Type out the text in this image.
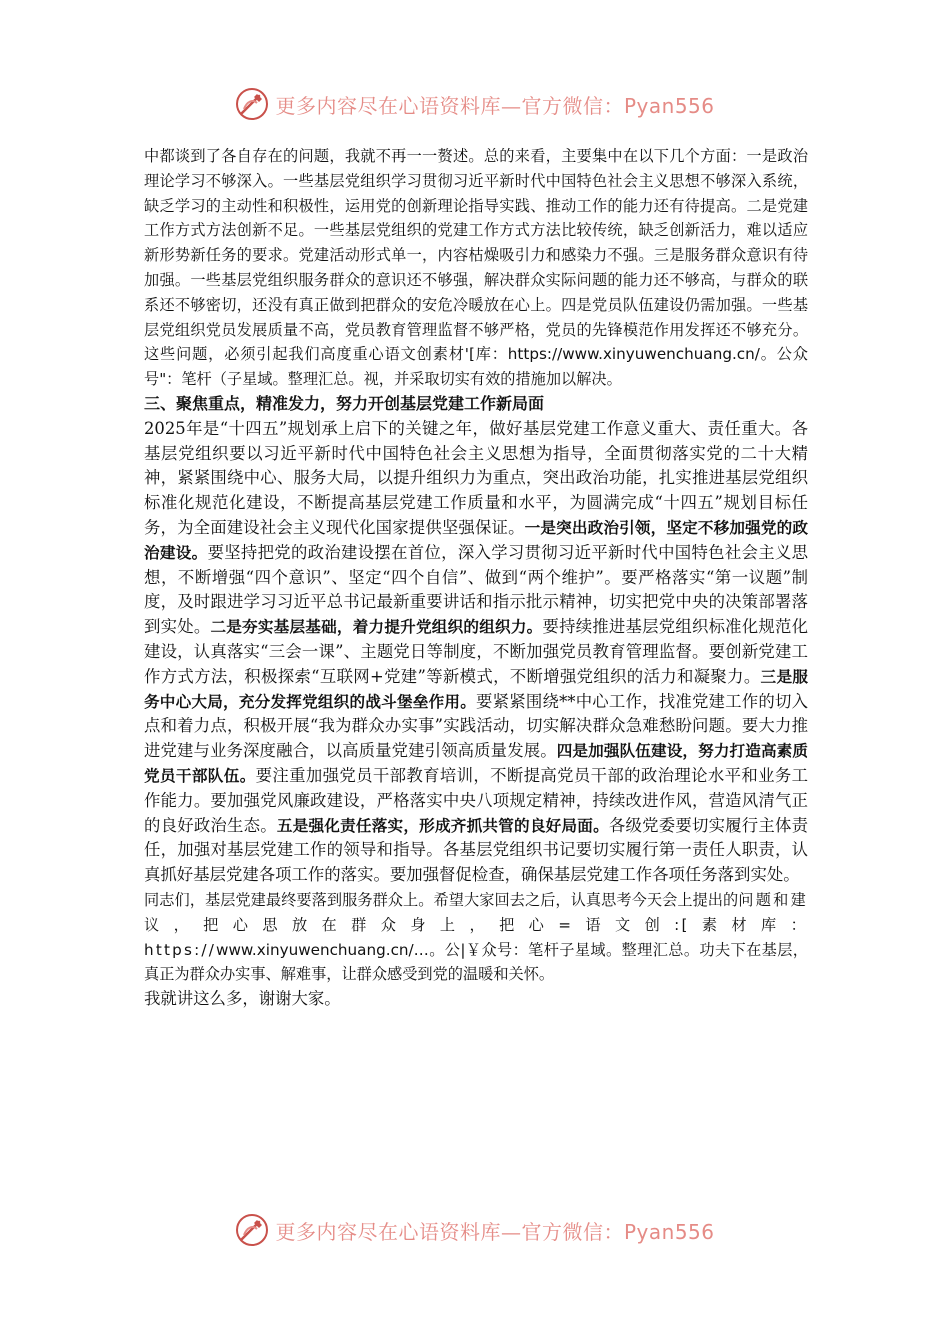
更多内容尽在心语资料库—官方微信：Pyan556

中都谈到了各自存在的问题，我就不再一一赘述。总的来看，主要集中在以下几个方面：一是政治理论学习不够深入。一些基层党组织学习贯彻习近平新时代中国特色社会主义思想不够深入系统，缺乏学习的主动性和积极性，运用党的创新理论指导实践、推动工作的能力还有待提高。二是党建工作方式方法创新不足。一些基层党组织的党建工作方式方法比较传统，缺乏创新活力，难以适应新形势新任务的要求。党建活动形式单一，内容枯燥吸引力和感染力不强。三是服务群众意识有待加强。一些基层党组织服务群众的意识还不够强，解决群众实际问题的能力还不够高，与群众的联系还不够密切，还没有真正做到把群众的安危冷暖放在心上。四是党员队伍建设仍需加强。一些基层党组织党员发展质量不高，党员教育管理监督不够严格，党员的先锋模范作用发挥还不够充分。这些问题，必须引起我们高度重心语文创素材'[库：https://www.xinyuwenchuang.cn/。公众号"：笔杆（子星域。整理汇总。视，并采取切实有效的措施加以解决。

三、聚焦重点，精准发力，努力开创基层党建工作新局面

2025年是“十四五”规划承上启下的关键之年，做好基层党建工作意义重大、责任重大。各基层党组织要以习近平新时代中国特色社会主义思想为指导，全面贯彻落实党的二十大精神，紧紧围绕中心、服务大局，以提升组织力为重点，突出政治功能，扎实推进基层党组织标准化规范化建设，不断提高基层党建工作质量和水平，为圆满完成“十四五”规划目标任务，为全面建设社会主义现代化国家提供坚强保证。一是突出政治引领，坚定不移加强党的政治建设。要坚持把党的政治建设摆在首位，深入学习贯彻习近平新时代中国特色社会主义思想，不断增强“四个意识”、坚定“四个自信”、做到“两个维护”。要严格落实“第一议题”制度，及时跟进学习习近平总书记最新重要讲话和指示批示精神，切实把党中央的决策部署落到实处。二是夯实基层基础，着力提升党组织的组织力。要持续推进基层党组织标准化规范化建设，认真落实“三会一课”、主题党日等制度，不断加强党员教育管理监督。要创新党建工作方式方法，积极探索“互联网+党建”等新模式，不断增强党组织的活力和凝聚力。三是服务中心大局，充分发挥党组织的战斗堡垒作用。要紧紧围绕**中心工作，找准党建工作的切入点和着力点，积极开展“我为群众办实事”实践活动，切实解决群众急难愁盼问题。要大力推进党建与业务深度融合，以高质量党建引领高质量发展。四是加强队伍建设，努力打造高素质党员干部队伍。要注重加强党员干部教育培训，不断提高党员干部的政治理论水平和业务工作能力。要加强党风廉政建设，严格落实中央八项规定精神，持续改进作风，营造风清气正的良好政治生态。五是强化责任落实，形成齐抓共管的良好局面。各级党委要切实履行主体责任，加强对基层党建工作的领导和指导。各基层党组织书记要切实履行第一责任人职责，认真抓好基层党建各项工作的落实。要加强督促检查，确保基层党建工作各项任务落到实处。

同志们，基层党建最终要落到服务群众上。希望大家回去之后，认真思考今天会上提出的问题和建议，把心思放在群众身上，把心=语文创:[素材库：https://www.xinyuwenchuang.cn/…。公|￥众号：笔杆子星域。整理汇总。功夫下在基层，真正为群众办实事、解难事，让群众感受到党的温暖和关怀。

我就讲这么多，谢谢大家。

更多内容尽在心语资料库—官方微信：Pyan556
